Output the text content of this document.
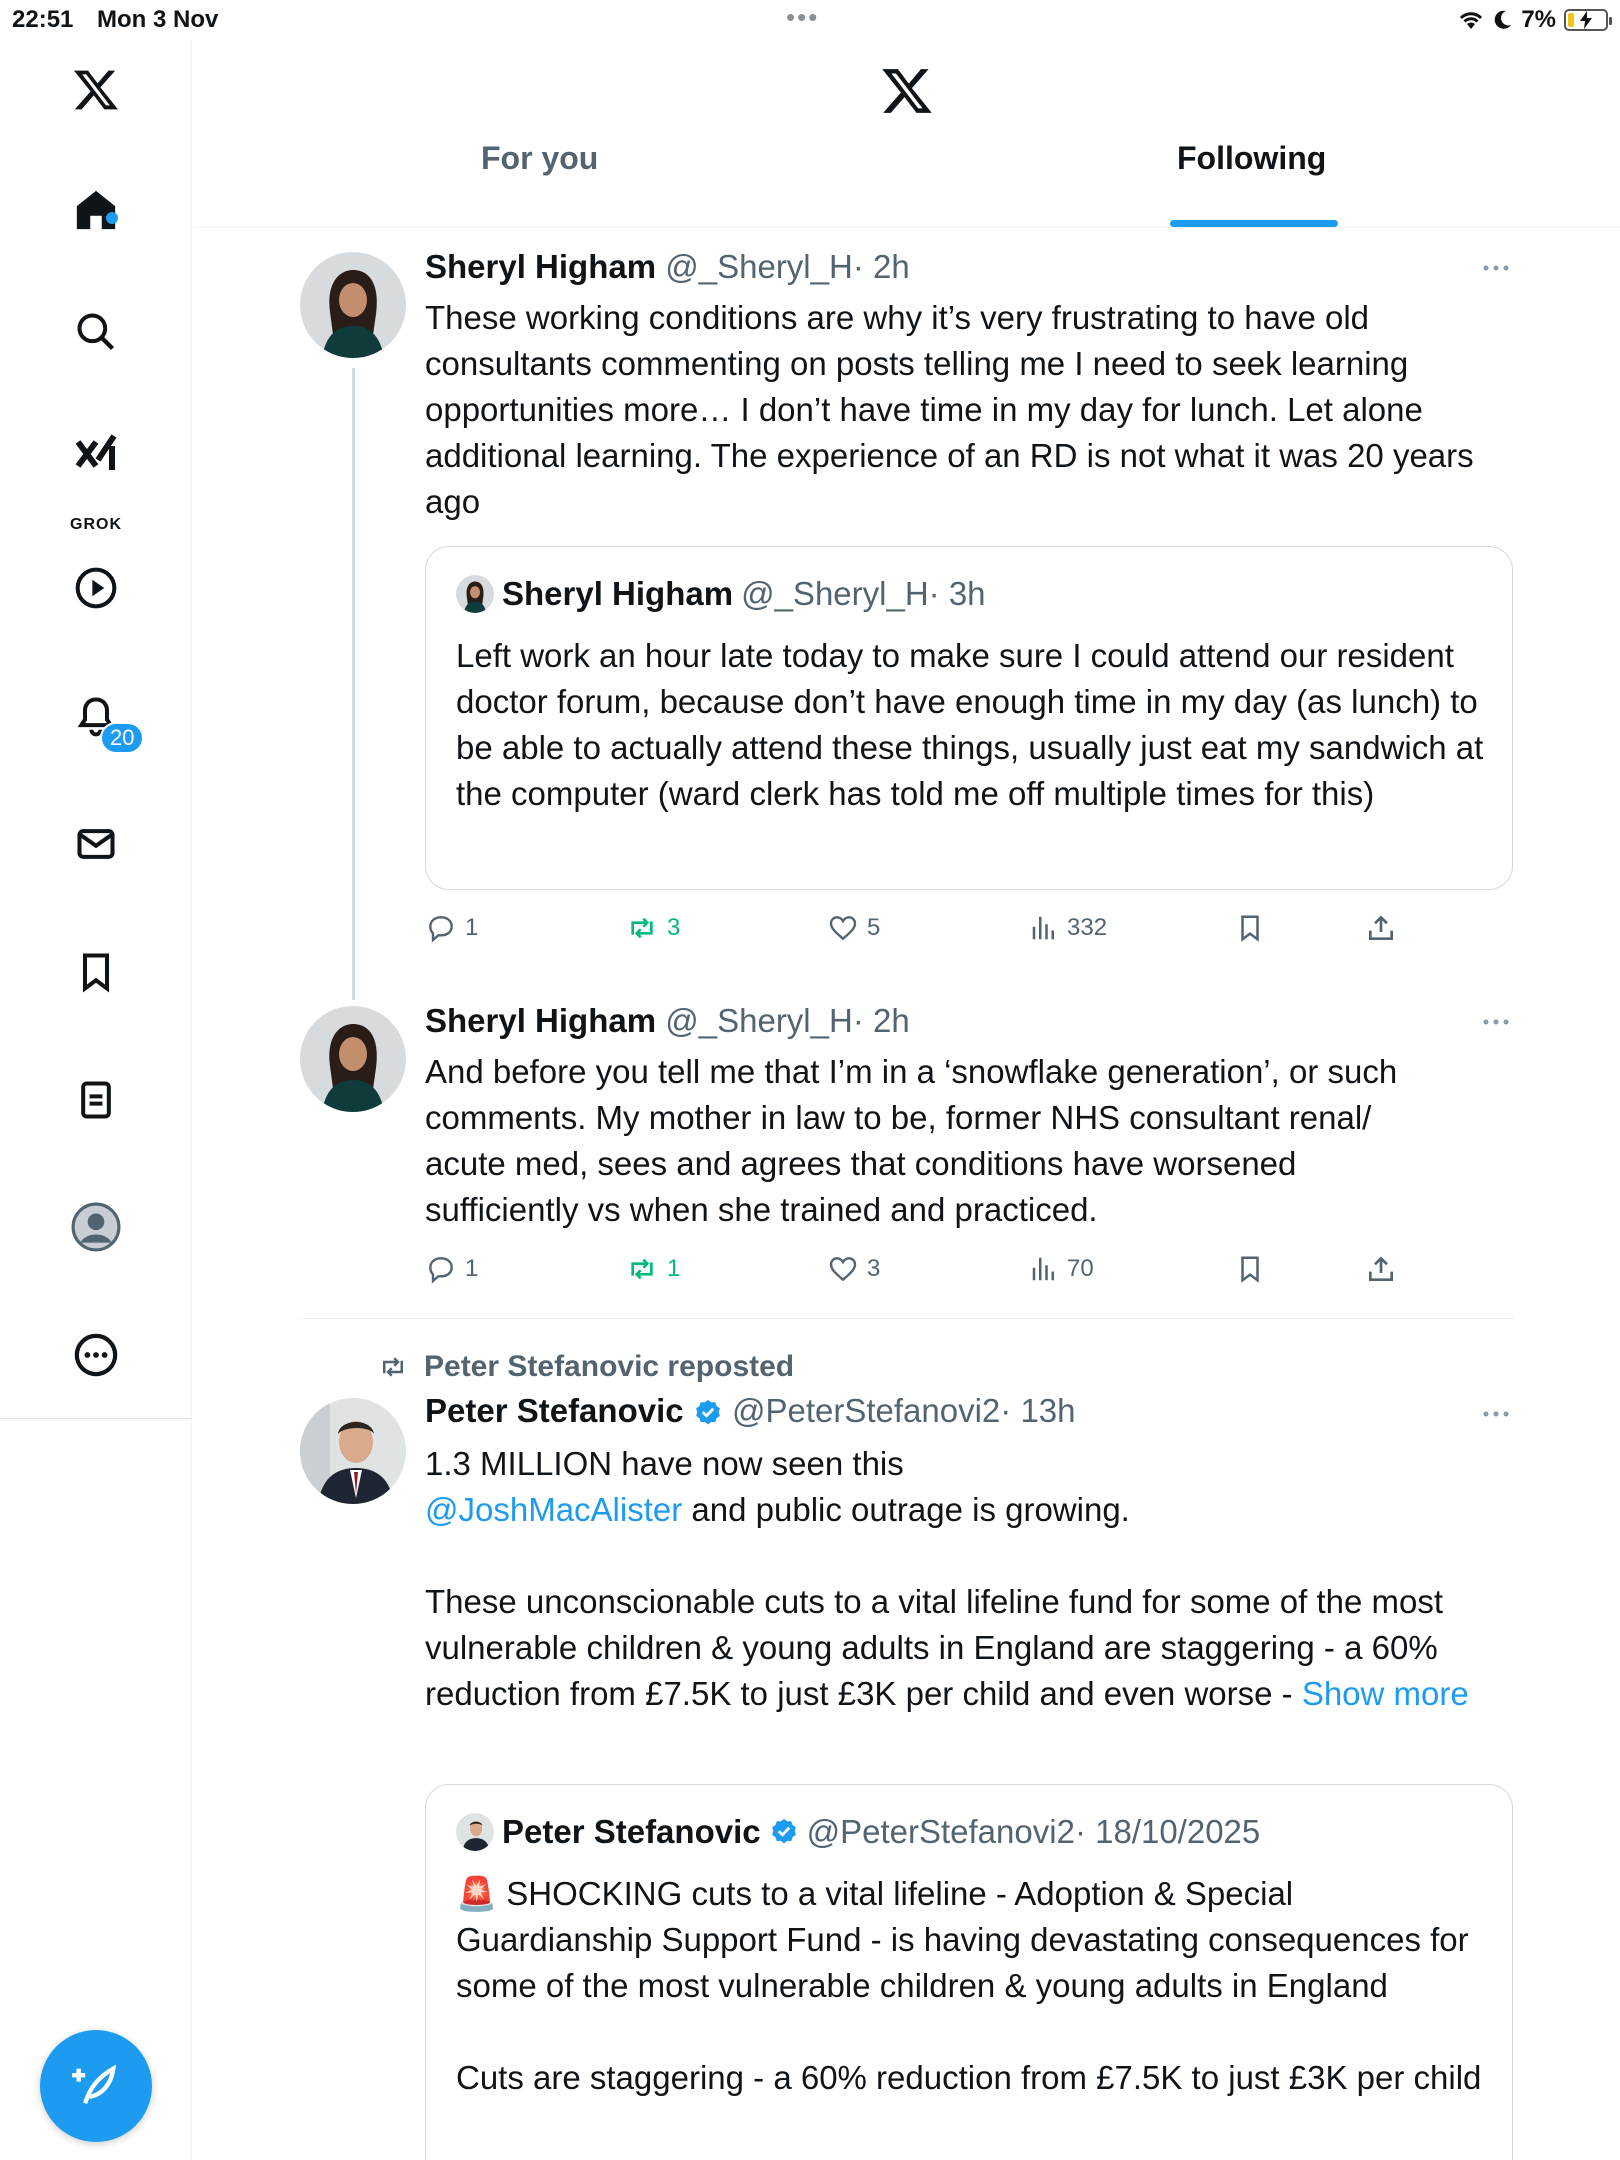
22:51 Mon 3 Nov	•••	7%
GROK
20
For you	Following
Sheryl Higham @_Sheryl_H· 2h
These working conditions are why it’s very frustrating to have old consultants commenting on posts telling me I need to seek learning opportunities more… I don’t have time in my day for lunch. Let alone additional learning. The experience of an RD is not what it was 20 years ago
Sheryl Higham @_Sheryl_H · 3h
Left work an hour late today to make sure I could attend our resident doctor forum, because don’t have enough time in my day (as lunch) to be able to actually attend these things, usually just eat my sandwich at the computer (ward clerk has told me off multiple times for this)
1	3	5	332
Sheryl Higham @_Sheryl_H· 2h
And before you tell me that I’m in a ‘snowflake generation’, or such comments. My mother in law to be, former NHS consultant renal/ acute med, sees and agrees that conditions have worsened sufficiently vs when she trained and practiced.
1	1	3	70
Peter Stefanovic reposted
Peter Stefanovic @PeterStefanovi2· 13h
1.3 MILLION have now seen this
@JoshMacAlister and public outrage is growing.
These unconscionable cuts to a vital lifeline fund for some of the most vulnerable children & young adults in England are staggering - a 60% reduction from £7.5K to just £3K per child and even worse - Show more
Peter Stefanovic @PeterStefanovi2 · 18/10/2025
🚨 SHOCKING cuts to a vital lifeline - Adoption & Special Guardianship Support Fund - is having devastating consequences for some of the most vulnerable children & young adults in England
Cuts are staggering - a 60% reduction from £7.5K to just £3K per child
